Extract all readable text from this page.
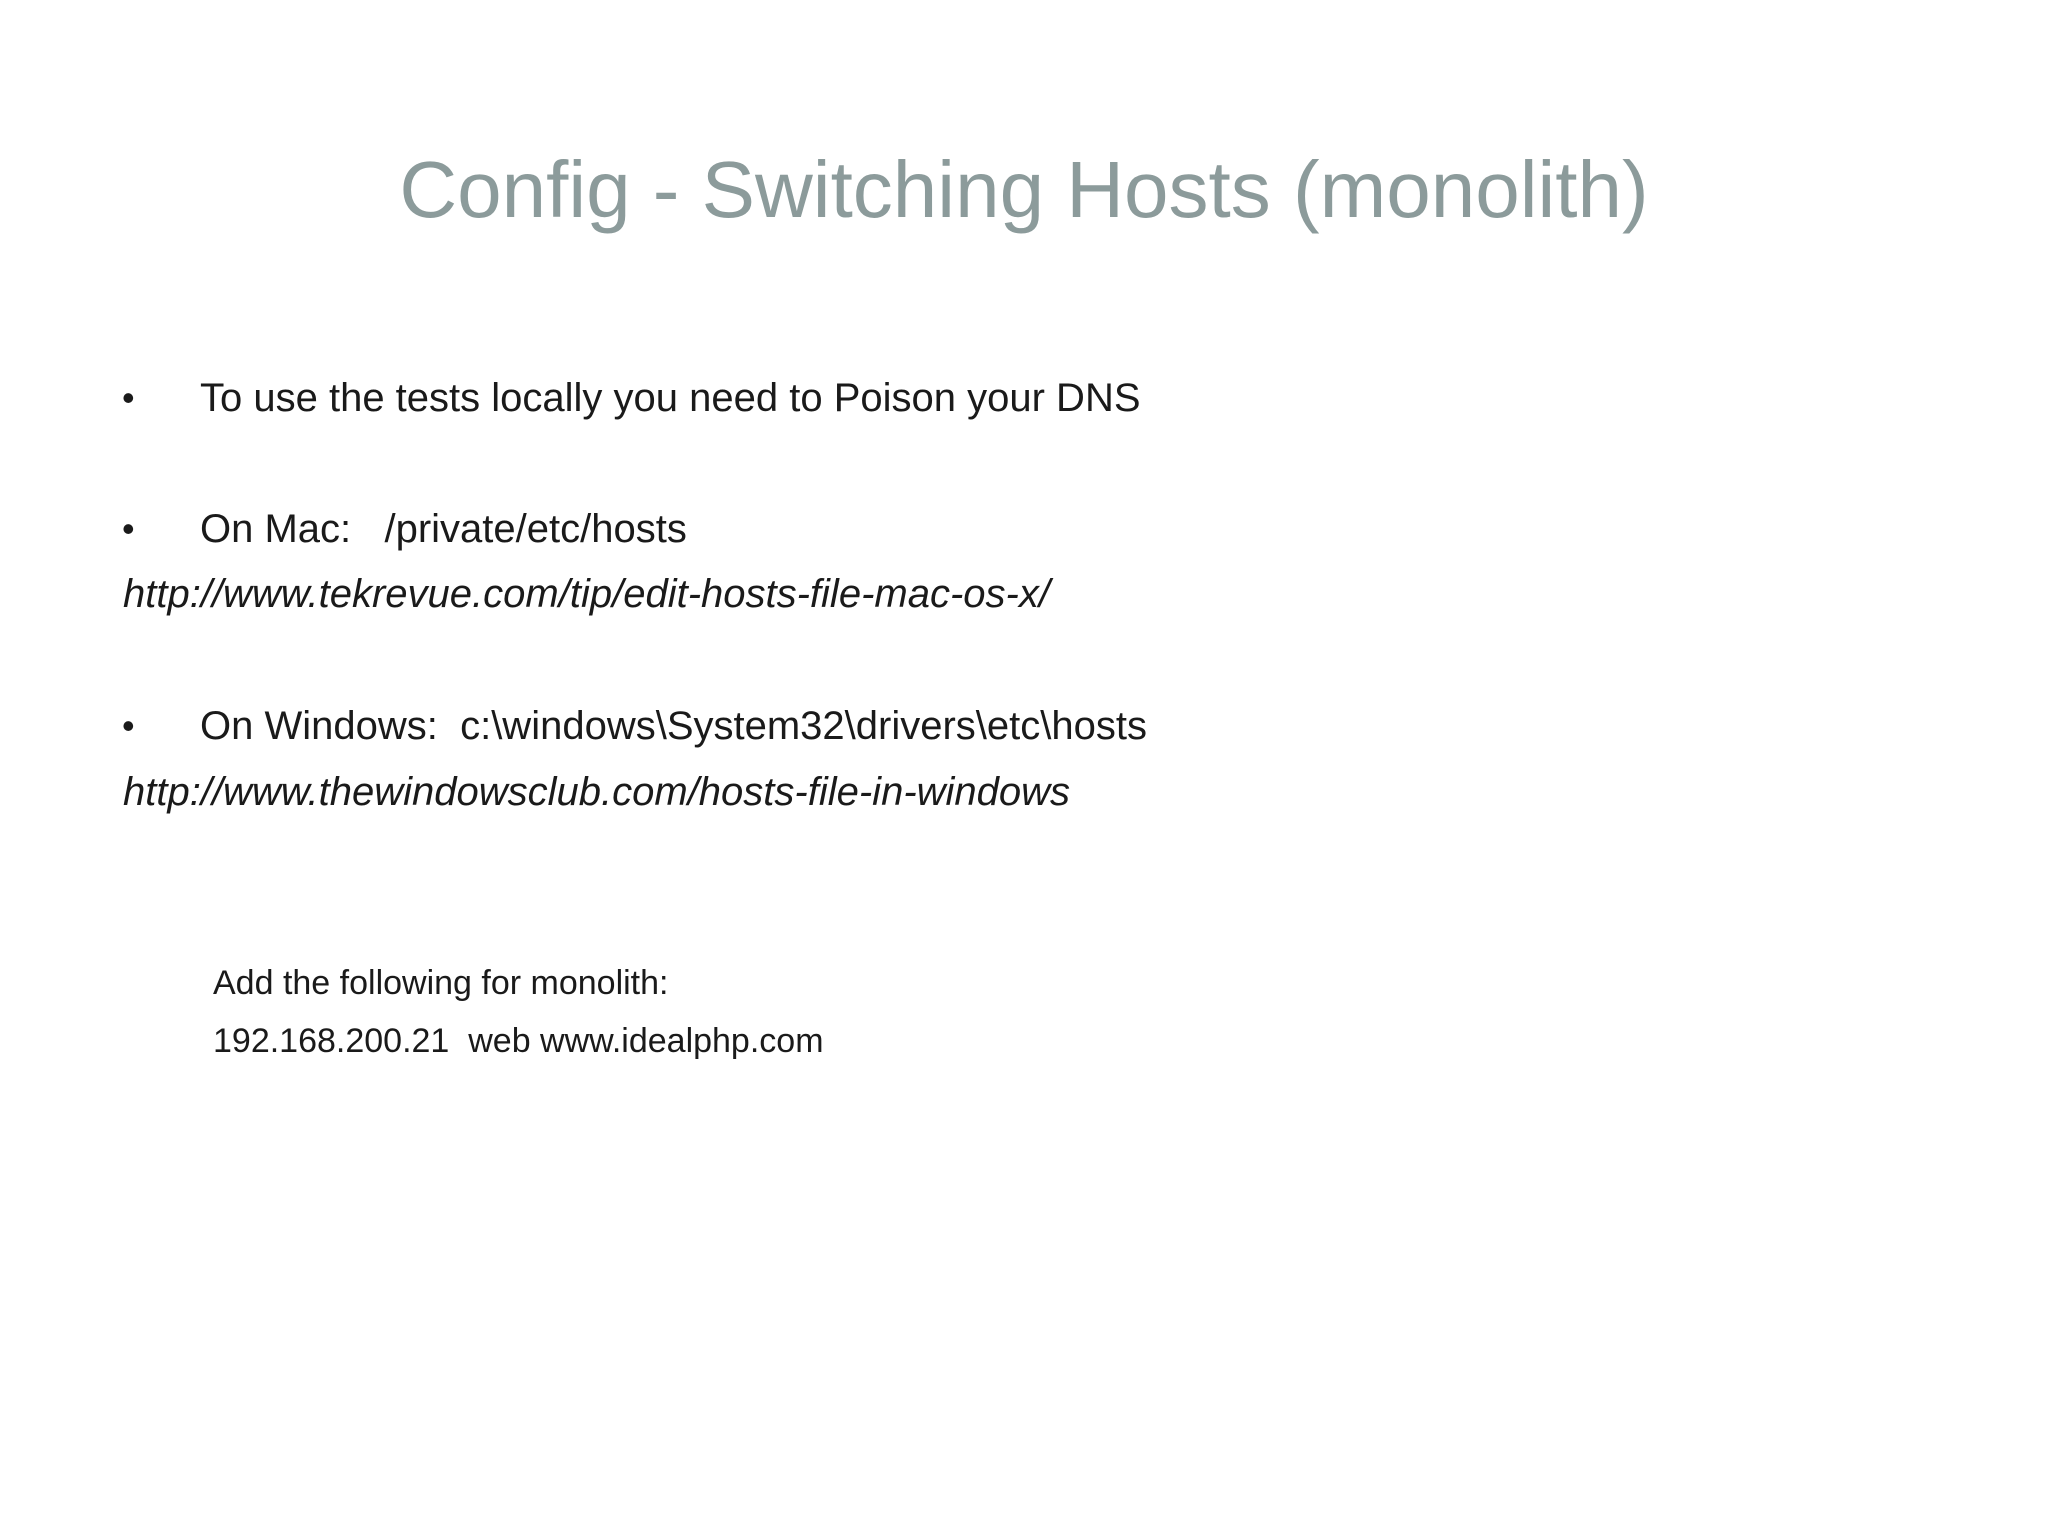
Config - Switching Hosts (monolith)
• To use the tests locally you need to Poison your DNS
• On Mac:   /private/etc/hosts
http://www.tekrevue.com/tip/edit-hosts-file-mac-os-x/
• On Windows:  c:\windows\System32\drivers\etc\hosts
http://www.thewindowsclub.com/hosts-file-in-windows
Add the following for monolith:
192.168.200.21  web www.idealphp.com
